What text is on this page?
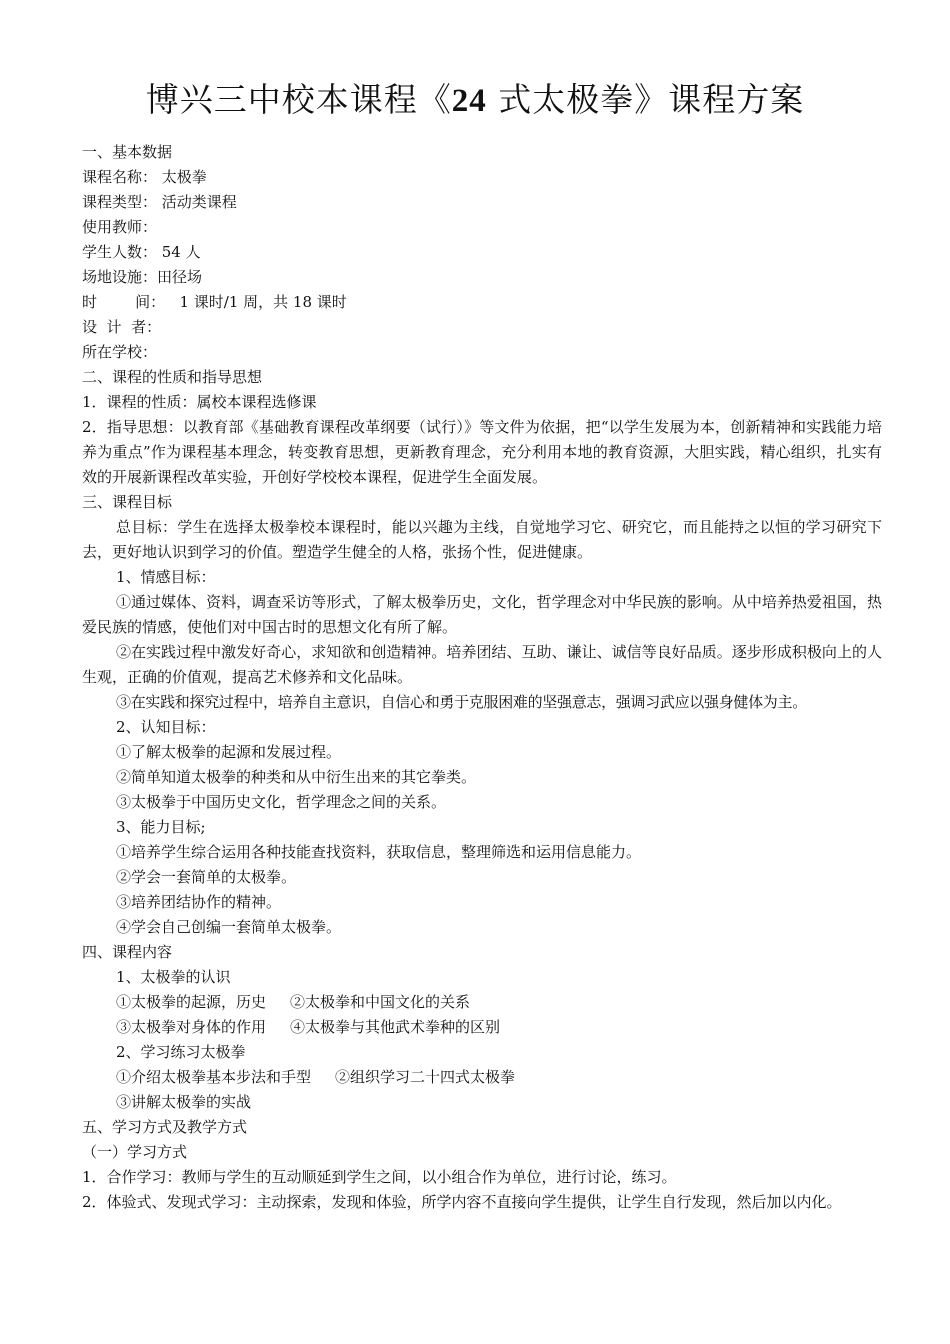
博兴三中校本课程《24 式太极拳》课程方案
一、基本数据
课程名称： 太极拳
课程类型： 活动类课程
使用教师：
学生人数： 54 人
场地设施：田径场
时        间：   1 课时/1 周，共 18 课时
设  计  者：
所在学校：
二、课程的性质和指导思想
1．课程的性质：属校本课程选修课
2．指导思想：以教育部《基础教育课程改革纲要（试行）》等文件为依据，把“以学生发展为本，创新精神和实践能力培养为重点”作为课程基本理念，转变教育思想，更新教育理念，充分利用本地的教育资源，大胆实践，精心组织，扎实有效的开展新课程改革实验，开创好学校校本课程，促进学生全面发展。
三、课程目标
总目标：学生在选择太极拳校本课程时，能以兴趣为主线，自觉地学习它、研究它，而且能持之以恒的学习研究下去，更好地认识到学习的价值。塑造学生健全的人格，张扬个性，促进健康。
1、情感目标：
①通过媒体、资料，调查采访等形式，了解太极拳历史，文化，哲学理念对中华民族的影响。从中培养热爱祖国，热爱民族的情感，使他们对中国古时的思想文化有所了解。
②在实践过程中激发好奇心，求知欲和创造精神。培养团结、互助、谦让、诚信等良好品质。逐步形成积极向上的人生观，正确的价值观，提高艺术修养和文化品味。
③在实践和探究过程中，培养自主意识，自信心和勇于克服困难的坚强意志，强调习武应以强身健体为主。
2、认知目标：
①了解太极拳的起源和发展过程。
②简单知道太极拳的种类和从中衍生出来的其它拳类。
③太极拳于中国历史文化，哲学理念之间的关系。
3、能力目标;
①培养学生综合运用各种技能查找资料，获取信息，整理筛选和运用信息能力。
②学会一套简单的太极拳。
③培养团结协作的精神。
④学会自己创编一套简单太极拳。
四、课程内容
1、太极拳的认识
①太极拳的起源，历史 ②太极拳和中国文化的关系
③太极拳对身体的作用 ④太极拳与其他武术拳种的区别
2、学习练习太极拳
①介绍太极拳基本步法和手型 ②组织学习二十四式太极拳
③讲解太极拳的实战
五、学习方式及教学方式
（一）学习方式
1．合作学习：教师与学生的互动顺延到学生之间，以小组合作为单位，进行讨论，练习。
2．体验式、发现式学习：主动探索，发现和体验，所学内容不直接向学生提供，让学生自行发现，然后加以内化。
